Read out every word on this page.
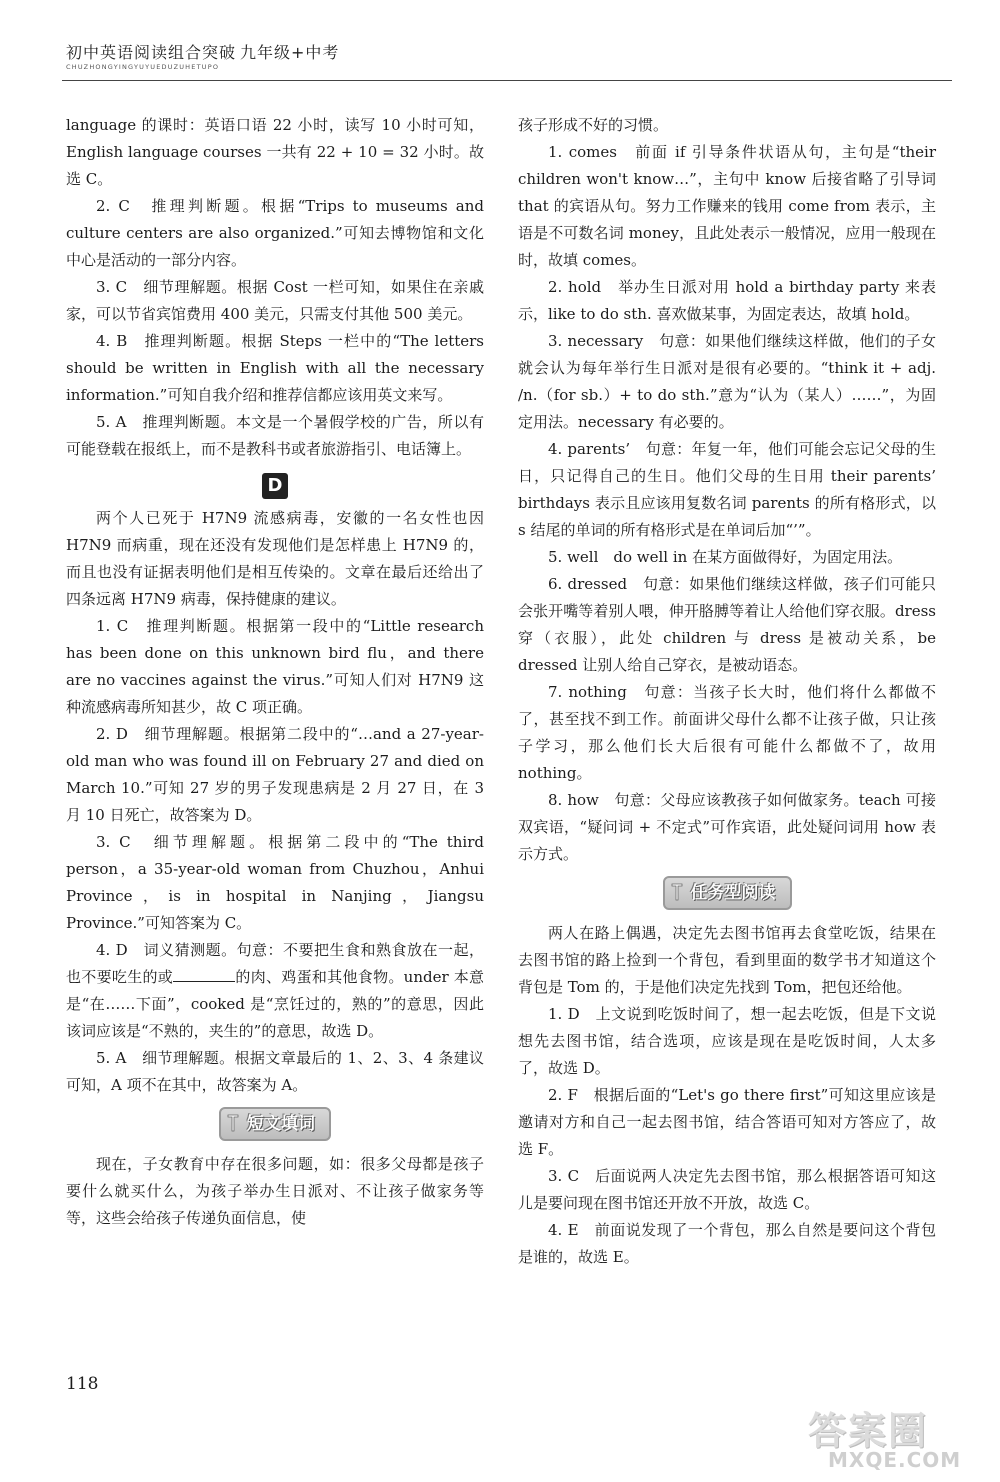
初中英语阅读组合突破 九年级+中考
CHUZHONGYINGYUYUEDUZUHETUPO

language 的课时：英语口语 22 小时，读写 10 小时可知，English language courses 一共有 22 + 10 = 32 小时。故选 C。

2. C　推理判断题。根据“Trips to museums and culture centers are also organized.”可知去博物馆和文化中心是活动的一部分内容。

3. C　细节理解题。根据 Cost 一栏可知，如果住在亲戚家，可以节省宾馆费用 400 美元，只需支付其他 500 美元。

4. B　推理判断题。根据 Steps 一栏中的“The letters should be written in English with all the necessary information.”可知自我介绍和推荐信都应该用英文来写。

5. A　推理判断题。本文是一个暑假学校的广告，所以有可能登载在报纸上，而不是教科书或者旅游指引、电话簿上。

D

两个人已死于 H7N9 流感病毒，安徽的一名女性也因 H7N9 而病重，现在还没有发现他们是怎样患上 H7N9 的，而且也没有证据表明他们是相互传染的。文章在最后还给出了四条远离 H7N9 病毒，保持健康的建议。

1. C　推理判断题。根据第一段中的“Little research has been done on this unknown bird flu，and there are no vaccines against the virus.”可知人们对 H7N9 这种流感病毒所知甚少，故 C 项正确。

2. D　细节理解题。根据第二段中的“…and a 27-year-old man who was found ill on February 27 and died on March 10.”可知 27 岁的男子发现患病是 2 月 27 日，在 3 月 10 日死亡，故答案为 D。

3. C　细节理解题。根据第二段中的“The third person，a 35-year-old woman from Chuzhou，Anhui Province，is in hospital in Nanjing，Jiangsu Province.”可知答案为 C。

4. D　词义猜测题。句意：不要把生食和熟食放在一起，也不要吃生的或	的肉、鸡蛋和其他食物。under 本意是“在……下面”，cooked 是“烹饪过的，熟的”的意思，因此该词应该是“不熟的，夹生的”的意思，故选 D。

5. A　细节理解题。根据文章最后的 1、2、3、4 条建议可知，A 项不在其中，故答案为 A。

短文填词

现在，子女教育中存在很多问题，如：很多父母都是孩子要什么就买什么，为孩子举办生日派对、不让孩子做家务等等，这些会给孩子传递负面信息，使

孩子形成不好的习惯。

1. comes　前面 if 引导条件状语从句，主句是“their children won't know…”，主句中 know 后接省略了引导词 that 的宾语从句。努力工作赚来的钱用 come from 表示，主语是不可数名词 money，且此处表示一般情况，应用一般现在时，故填 comes。

2. hold　举办生日派对用 hold a birthday party 来表示，like to do sth. 喜欢做某事，为固定表达，故填 hold。

3. necessary　句意：如果他们继续这样做，他们的子女就会认为每年举行生日派对是很有必要的。“think it + adj. /n.（for sb.）+ to do sth.”意为“认为（某人）……”，为固定用法。necessary 有必要的。

4. parents’　句意：年复一年，他们可能会忘记父母的生日，只记得自己的生日。他们父母的生日用 their parents’ birthdays 表示且应该用复数名词 parents 的所有格形式，以 s 结尾的单词的所有格形式是在单词后加“’”。

5. well　do well in 在某方面做得好，为固定用法。

6. dressed　句意：如果他们继续这样做，孩子们可能只会张开嘴等着别人喂，伸开胳膊等着让人给他们穿衣服。dress 穿（衣服），此处 children 与 dress 是被动关系，be dressed 让别人给自己穿衣，是被动语态。

7. nothing　句意：当孩子长大时，他们将什么都做不了，甚至找不到工作。前面讲父母什么都不让孩子做，只让孩子学习，那么他们长大后很有可能什么都做不了，故用 nothing。

8. how　句意：父母应该教孩子如何做家务。teach 可接双宾语，“疑问词 + 不定式”可作宾语，此处疑问词用 how 表示方式。

任务型阅读

两人在路上偶遇，决定先去图书馆再去食堂吃饭，结果在去图书馆的路上捡到一个背包，看到里面的数学书才知道这个背包是 Tom 的，于是他们决定先找到 Tom，把包还给他。

1. D　上文说到吃饭时间了，想一起去吃饭，但是下文说想先去图书馆，结合选项，应该是现在是吃饭时间，人太多了，故选 D。

2. F　根据后面的“Let's go there first”可知这里应该是邀请对方和自己一起去图书馆，结合答语可知对方答应了，故选 F。

3. C　后面说两人决定先去图书馆，那么根据答语可知这儿是要问现在图书馆还开放不开放，故选 C。

4. E　前面说发现了一个背包，那么自然是要问这个背包是谁的，故选 E。

118
答案圈
MXQE.COM
